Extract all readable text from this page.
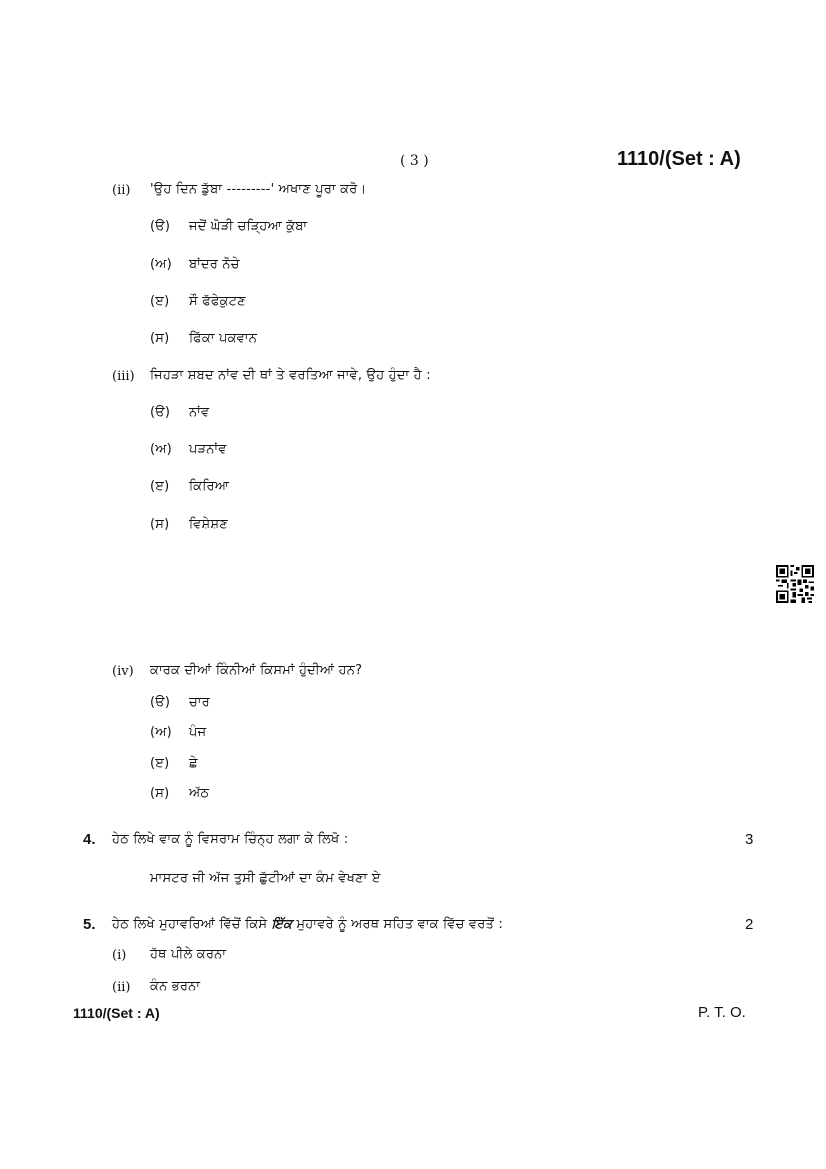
( 3 )	1110/(Set : A)
(ii) 'ਉਹ ਦਿਨ ਡੁੱਬਾ ---------' ਅਖਾਣ ਪੂਰਾ ਕਰੋ।
(ੳ) ਜਦੋਂ ਘੋੜੀ ਚੜ੍ਹਿਆ ਕੁੱਬਾ
(ਅ) ਬਾਂਦਰ ਨੋਚੇ
(ੲ) ਸੌ ਫੱਫੇਕੁਟਣ
(ਸ) ਫਿੱਕਾ ਪਕਵਾਨ
(iii) ਜਿਹੜਾ ਸ਼ਬਦ ਨਾਂਵ ਦੀ ਥਾਂ ਤੇ ਵਰਤਿਆ ਜਾਵੇ, ਉਹ ਹੁੰਦਾ ਹੈ :
(ੳ) ਨਾਂਵ
(ਅ) ਪੜਨਾਂਵ
(ੲ) ਕਿਰਿਆ
(ਸ) ਵਿਸ਼ੇਸ਼ਣ
(iv) ਕਾਰਕ ਦੀਆਂ ਕਿੰਨੀਆਂ ਕਿਸਮਾਂ ਹੁੰਦੀਆਂ ਹਨ?
(ੳ) ਚਾਰ
(ਅ) ਪੰਜ
(ੲ) ਛੇ
(ਸ) ਅੱਠ
4. ਹੇਠ ਲਿਖੇ ਵਾਕ ਨੂੰ ਵਿਸਰਾਮ ਚਿੰਨ੍ਹ ਲਗਾ ਕੇ ਲਿਖੋ :	3
ਮਾਸਟਰ ਜੀ ਅੱਜ ਤੁਸੀ ਛੁੱਟੀਆਂ ਦਾ ਕੰਮ ਵੇਖਣਾ ਏ
5. ਹੇਠ ਲਿਖੇ ਮੁਹਾਵਰਿਆਂ ਵਿੱਚੋਂ ਕਿਸੇ ਇੱਕ ਮੁਹਾਵਰੇ ਨੂੰ ਅਰਥ ਸਹਿਤ ਵਾਕ ਵਿੱਚ ਵਰਤੋਂ :	2
(i) ਹੱਥ ਪੀਲੇ ਕਰਨਾ
(ii) ਕੰਨ ਭਰਨਾ
1110/(Set : A)	P. T. O.
